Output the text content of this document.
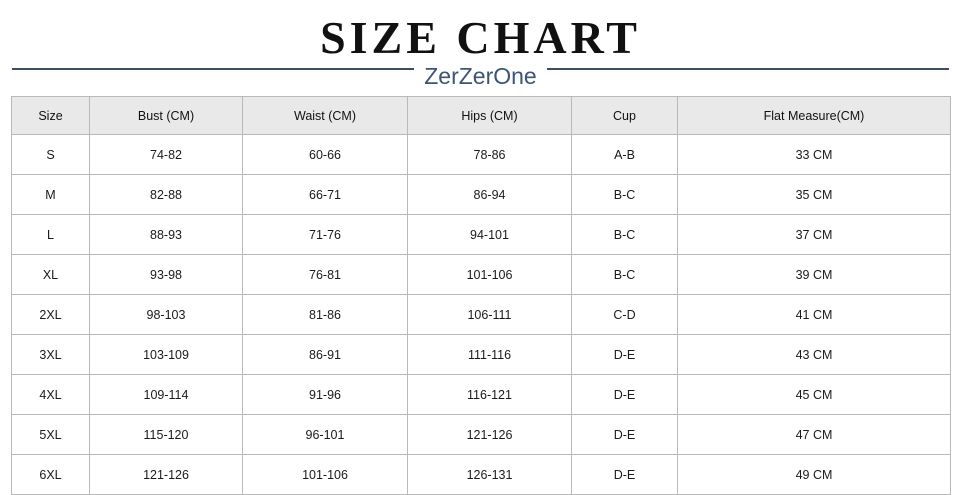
SIZE CHART
ZerZerOne
Size	Bust (CM)	Waist (CM)	Hips (CM)	Cup	Flat Measure(CM)
S	74-82	60-66	78-86	A-B	33 CM
M	82-88	66-71	86-94	B-C	35 CM
L	88-93	71-76	94-101	B-C	37 CM
XL	93-98	76-81	101-106	B-C	39 CM
2XL	98-103	81-86	106-111	C-D	41 CM
3XL	103-109	86-91	111-116	D-E	43 CM
4XL	109-114	91-96	116-121	D-E	45 CM
5XL	115-120	96-101	121-126	D-E	47 CM
6XL	121-126	101-106	126-131	D-E	49 CM
